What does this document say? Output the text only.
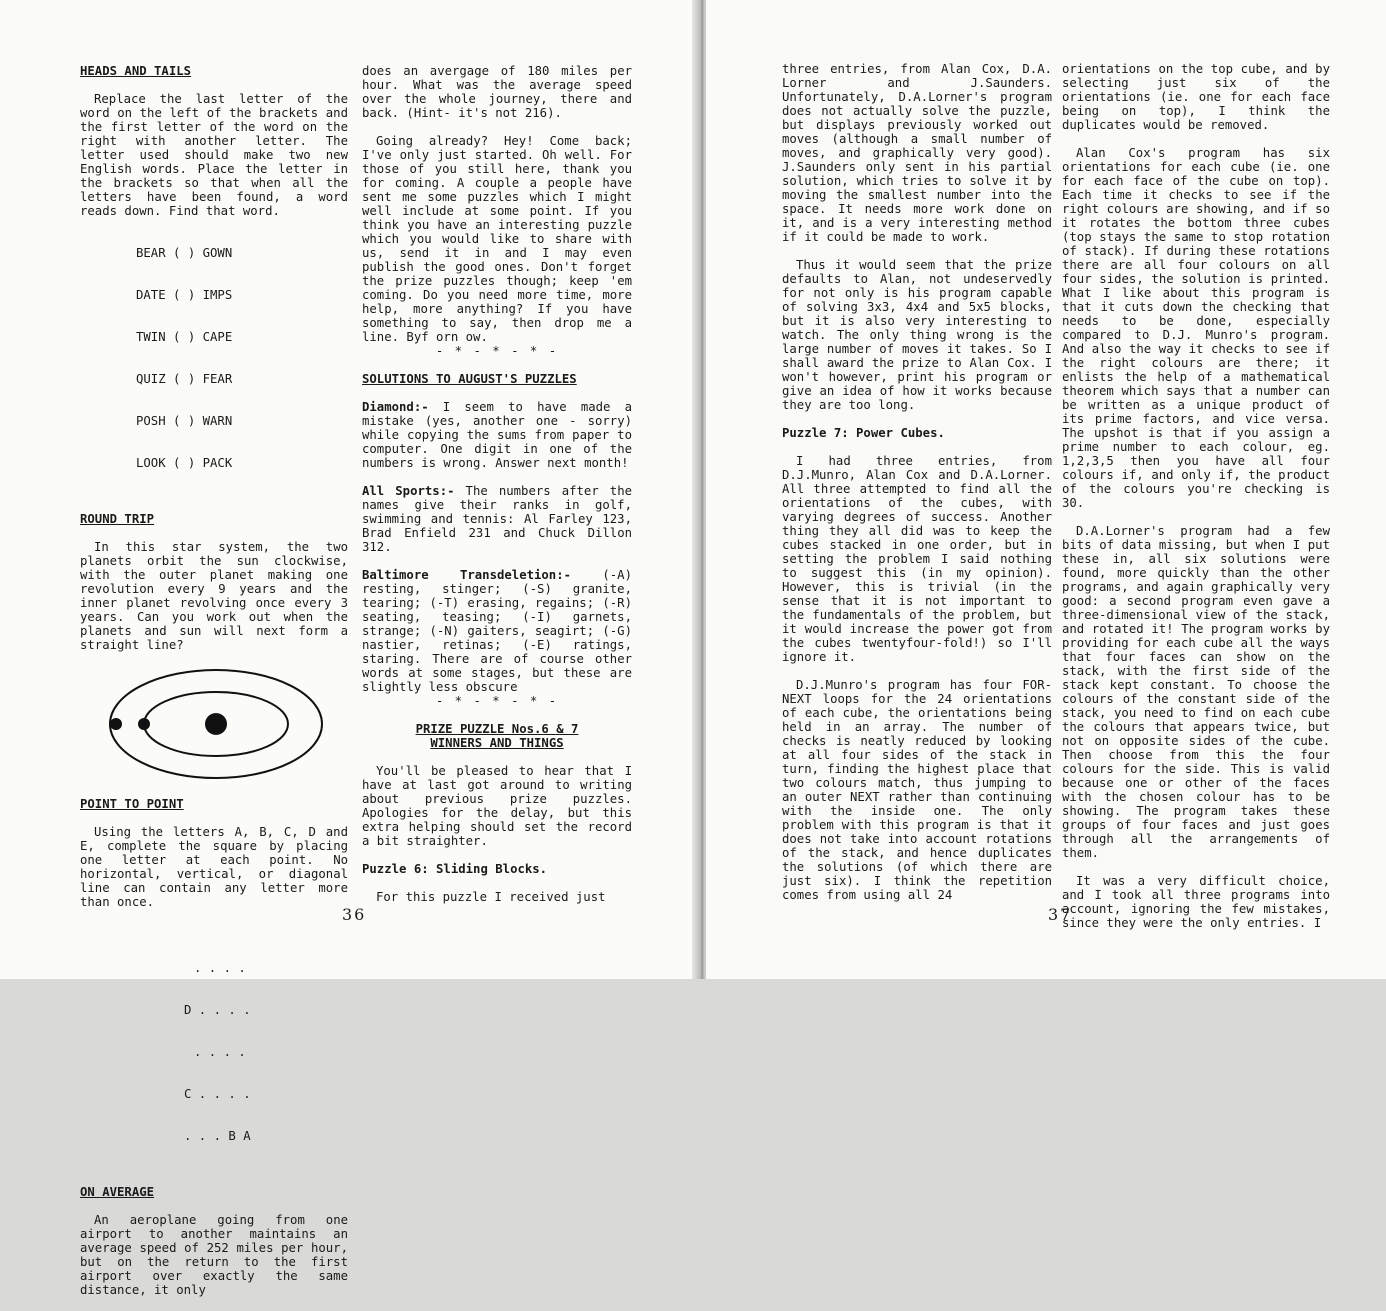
HEADS AND TAILS

Replace the last letter of the word on the left of the brackets and the first letter of the word on the right with another letter. The letter used should make two new English words. Place the letter in the brackets so that when all the letters have been found, a word reads down. Find that word.

BEAR ( ) GOWN

DATE ( ) IMPS

TWIN ( ) CAPE

QUIZ ( ) FEAR

POSH ( ) WARN

LOOK ( ) PACK

ROUND TRIP

In this star system, the two planets orbit the sun clockwise, with the outer planet making one revolution every 9 years and the inner planet revolving once every 3 years. Can you work out when the planets and sun will next form a straight line?

POINT TO POINT

Using the letters A, B, C, D and E, complete the square by placing one letter at each point. No horizontal, vertical, or diagonal line can contain any letter more than once.

. . . .

D . . . .

. . . .

C . . . .

. . . B A

ON AVERAGE

An aeroplane going from one airport to another maintains an average speed of 252 miles per hour, but on the return to the first airport over exactly the same distance, it only

does an avergage of 180 miles per hour. What was the average speed over the whole journey, there and back. (Hint- it's not 216).

Going already? Hey! Come back; I've only just started. Oh well. For those of you still here, thank you for coming. A couple a people have sent me some puzzles which I might well include at some point. If you think you have an interesting puzzle which you would like to share with us, send it in and I may even publish the good ones. Don't forget the prize puzzles though; keep 'em coming. Do you need more time, more help, more anything? If you have something to say, then drop me a line. Byf orn ow.

- * - * - * -
SOLUTIONS TO AUGUST'S PUZZLES

Diamond:- I seem to have made a mistake (yes, another one - sorry) while copying the sums from paper to computer. One digit in one of the numbers is wrong. Answer next month!

All Sports:- The numbers after the names give their ranks in golf, swimming and tennis: Al Farley 123, Brad Enfield 231 and Chuck Dillon 312.

Baltimore Transdeletion:- (-A) resting, stinger; (-S) granite, tearing; (-T) erasing, regains; (-R) seating, teasing; (-I) garnets, strange; (-N) gaiters, seagirt; (-G) nastier, retinas; (-E) ratings, staring. There are of course other words at some stages, but these are slightly less obscure

- * - * - * -
PRIZE PUZZLE Nos.6 & 7
WINNERS AND THINGS

You'll be pleased to hear that I have at last got around to writing about previous prize puzzles. Apologies for the delay, but this extra helping should set the record a bit straighter.

Puzzle 6: Sliding Blocks.

For this puzzle I received just

36

three entries, from Alan Cox, D.A. Lorner and J.Saunders. Unfortunately, D.A.Lorner's program does not actually solve the puzzle, but displays previously worked out moves (although a small number of moves, and graphically very good). J.Saunders only sent in his partial solution, which tries to solve it by moving the smallest number into the space. It needs more work done on it, and is a very interesting method if it could be made to work.

Thus it would seem that the prize defaults to Alan, not undeservedly for not only is his program capable of solving 3x3, 4x4 and 5x5 blocks, but it is also very interesting to watch. The only thing wrong is the large number of moves it takes. So I shall award the prize to Alan Cox. I won't however, print his program or give an idea of how it works because they are too long.

Puzzle 7: Power Cubes.

I had three entries, from D.J.Munro, Alan Cox and D.A.Lorner. All three attempted to find all the orientations of the cubes, with varying degrees of success. Another thing they all did was to keep the cubes stacked in one order, but in setting the problem I said nothing to suggest this (in my opinion). However, this is trivial (in the sense that it is not important to the fundamentals of the problem, but it would increase the power got from the cubes twentyfour-fold!) so I'll ignore it.

D.J.Munro's program has four FOR-NEXT loops for the 24 orientations of each cube, the orientations being held in an array. The number of checks is neatly reduced by looking at all four sides of the stack in turn, finding the highest place that two colours match, thus jumping to an outer NEXT rather than continuing with the inside one. The only problem with this program is that it does not take into account rotations of the stack, and hence duplicates the solutions (of which there are just six). I think the repetition comes from using all 24

orientations on the top cube, and by selecting just six of the orientations (ie. one for each face being on top), I think the duplicates would be removed.

Alan Cox's program has six orientations for each cube (ie. one for each face of the cube on top). Each time it checks to see if the right colours are showing, and if so it rotates the bottom three cubes (top stays the same to stop rotation of stack). If during these rotations there are all four colours on all four sides, the solution is printed. What I like about this program is that it cuts down the checking that needs to be done, especially compared to D.J. Munro's program. And also the way it checks to see if the right colours are there; it enlists the help of a mathematical theorem which says that a number can be written as a unique product of its prime factors, and vice versa. The upshot is that if you assign a prime number to each colour, eg. 1,2,3,5 then you have all four colours if, and only if, the product of the colours you're checking is 30.

D.A.Lorner's program had a few bits of data missing, but when I put these in, all six solutions were found, more quickly than the other programs, and again graphically very good: a second program even gave a three-dimensional view of the stack, and rotated it! The program works by providing for each cube all the ways that four faces can show on the stack, with the first side of the stack kept constant. To choose the colours of the constant side of the stack, you need to find on each cube the colours that appears twice, but not on opposite sides of the cube. Then choose from this the four colours for the side. This is valid because one or other of the faces with the chosen colour has to be showing. The program takes these groups of four faces and just goes through all the arrangements of them.

It was a very difficult choice, and I took all three programs into account, ignoring the few mistakes, since they were the only entries. I

37
